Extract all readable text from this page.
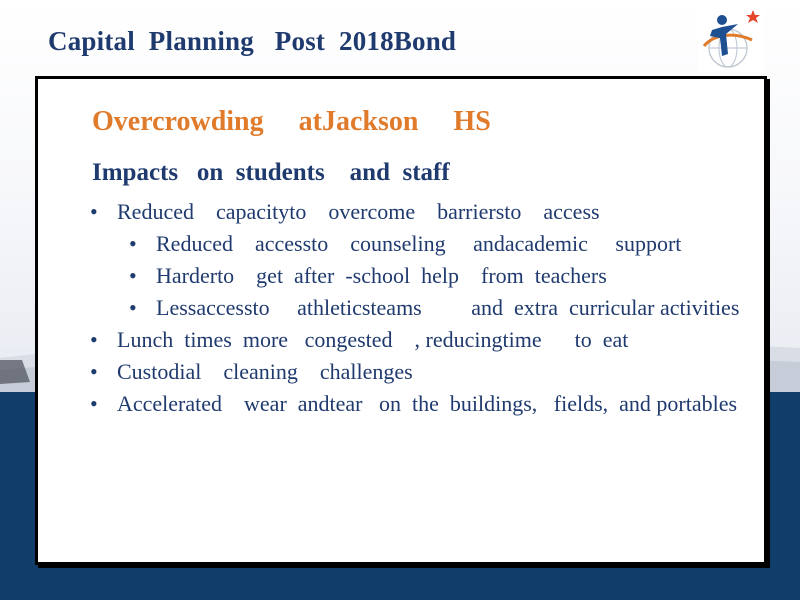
Capital  Planning   Post  2018Bond
Overcrowding     atJackson     HS
Impacts   on  students    and  staff
• Reduced    capacityto    overcome    barriersto    access
• Reduced    accessto    counseling     andacademic     support
• Harderto    get  after  -school  help    from  teachers
• Lessaccessto     athleticsteams         and  extra  curricular activities
• Lunch  times  more   congested    , reducingtime      to  eat
• Custodial    cleaning    challenges
• Accelerated    wear  andtear   on  the  buildings,   fields,  and portables
